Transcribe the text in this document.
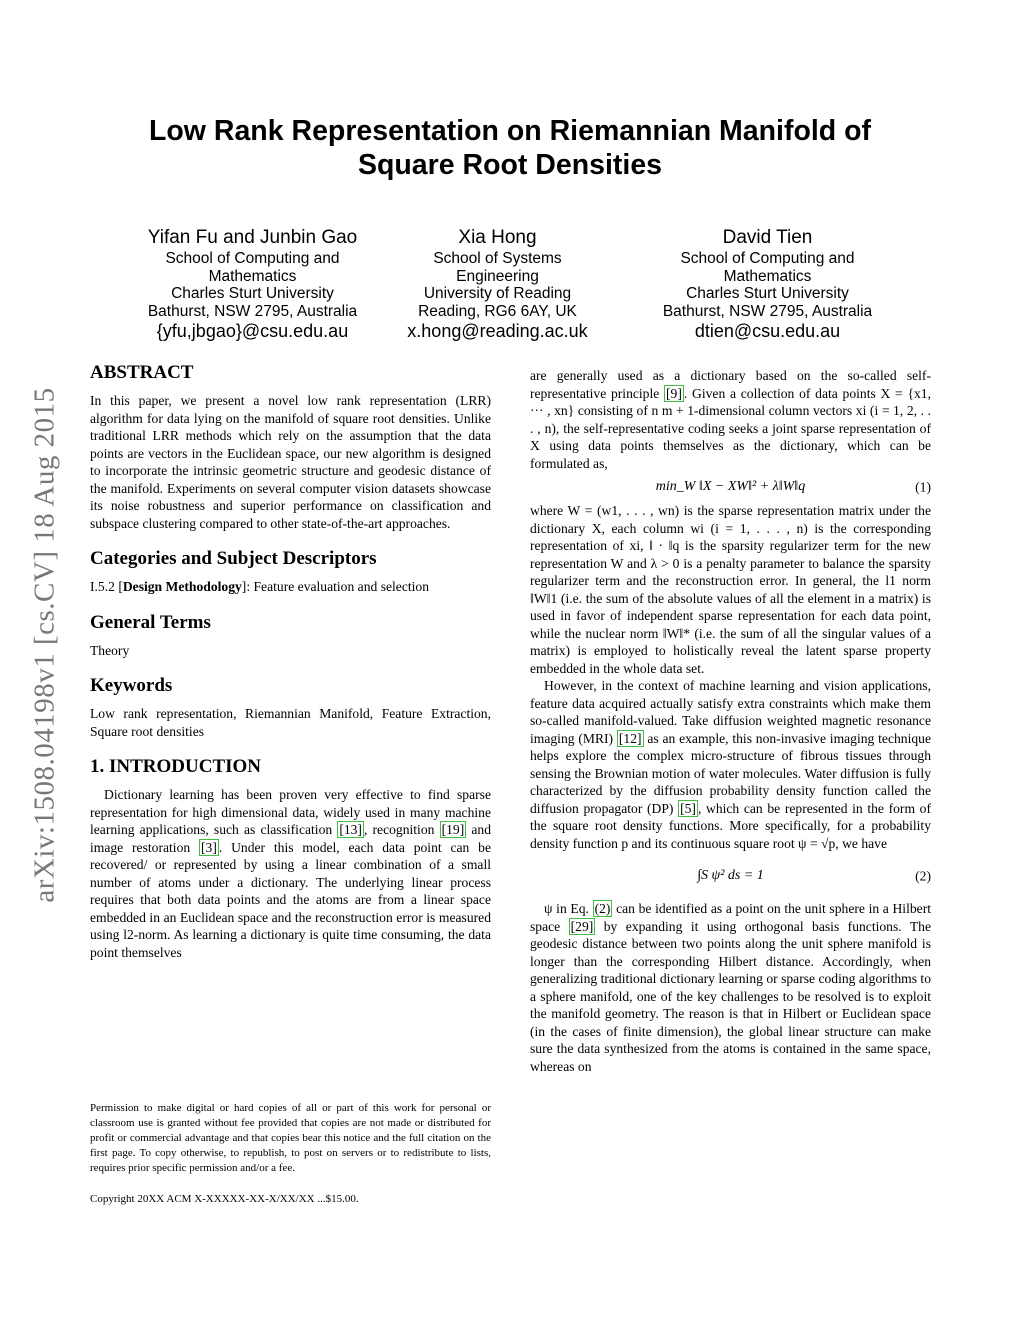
arXiv:1508.04198v1 [cs.CV] 18 Aug 2015
Low Rank Representation on Riemannian Manifold of Square Root Densities
Yifan Fu and Junbin Gao
School of Computing and
Mathematics
Charles Sturt University
Bathurst, NSW 2795, Australia
{yfu,jbgao}@csu.edu.au
Xia Hong
School of Systems
Engineering
University of Reading
Reading, RG6 6AY, UK
x.hong@reading.ac.uk
David Tien
School of Computing and
Mathematics
Charles Sturt University
Bathurst, NSW 2795, Australia
dtien@csu.edu.au
ABSTRACT

In this paper, we present a novel low rank representation (LRR) algorithm for data lying on the manifold of square root densities. Unlike traditional LRR methods which rely on the assumption that the data points are vectors in the Euclidean space, our new algorithm is designed to incorporate the intrinsic geometric structure and geodesic distance of the manifold. Experiments on several computer vision datasets showcase its noise robustness and superior performance on classification and subspace clustering compared to other state-of-the-art approaches.

Categories and Subject Descriptors

I.5.2 [Design Methodology]: Feature evaluation and selection

General Terms

Theory

Keywords

Low rank representation, Riemannian Manifold, Feature Extraction, Square root densities

1. INTRODUCTION

Dictionary learning has been proven very effective to find sparse representation for high dimensional data, widely used in many machine learning applications, such as classification [13] , recognition [19] and image restoration [3] . Under this model, each data point can be recovered/ or represented by using a linear combination of a small number of atoms under a dictionary. The underlying linear process requires that both data points and the atoms are from a linear space embedded in an Euclidean space and the reconstruction error is measured using l2-norm. As learning a dictionary is quite time consuming, the data point themselves

Permission to make digital or hard copies of all or part of this work for personal or classroom use is granted without fee provided that copies are not made or distributed for profit or commercial advantage and that copies bear this notice and the full citation on the first page. To copy otherwise, to republish, to post on servers or to redistribute to lists, requires prior specific permission and/or a fee.
Copyright 20XX ACM X-XXXXX-XX-X/XX/XX ...$15.00.

are generally used as a dictionary based on the so-called self-representative principle [9] . Given a collection of data points X = {x1, ··· , xn} consisting of n m + 1-dimensional column vectors xi (i = 1, 2, . . . , n), the self-representative coding seeks a joint sparse representation of X using data points themselves as the dictionary, which can be formulated as,

min_W ‖X − XW‖² + λ‖W‖q	(1)

where W = (w1, . . . , wn) is the sparse representation matrix under the dictionary X, each column wi (i = 1, . . . , n) is the corresponding representation of xi, ‖ · ‖q is the sparsity regularizer term for the new representation W and λ > 0 is a penalty parameter to balance the sparsity regularizer term and the reconstruction error. In general, the l1 norm ‖W‖1 (i.e. the sum of the absolute values of all the element in a matrix) is used in favor of independent sparse representation for each data point, while the nuclear norm ‖W‖* (i.e. the sum of all the singular values of a matrix) is employed to holistically reveal the latent sparse property embedded in the whole data set.

However, in the context of machine learning and vision applications, feature data acquired actually satisfy extra constraints which make them so-called manifold-valued. Take diffusion weighted magnetic resonance imaging (MRI) [12] as an example, this non-invasive imaging technique helps explore the complex micro-structure of fibrous tissues through sensing the Brownian motion of water molecules. Water diffusion is fully characterized by the diffusion probability density function called the diffusion propagator (DP) [5] , which can be represented in the form of the square root density functions. More specifically, for a probability density function p and its continuous square root ψ = √p, we have

∫S ψ² ds = 1	(2)

ψ in Eq. (2) can be identified as a point on the unit sphere in a Hilbert space [29] by expanding it using orthogonal basis functions. The geodesic distance between two points along the unit sphere manifold is longer than the corresponding Hilbert distance. Accordingly, when generalizing traditional dictionary learning or sparse coding algorithms to a sphere manifold, one of the key challenges to be resolved is to exploit the manifold geometry. The reason is that in Hilbert or Euclidean space (in the cases of finite dimension), the global linear structure can make sure the data synthesized from the atoms is contained in the same space, whereas on
